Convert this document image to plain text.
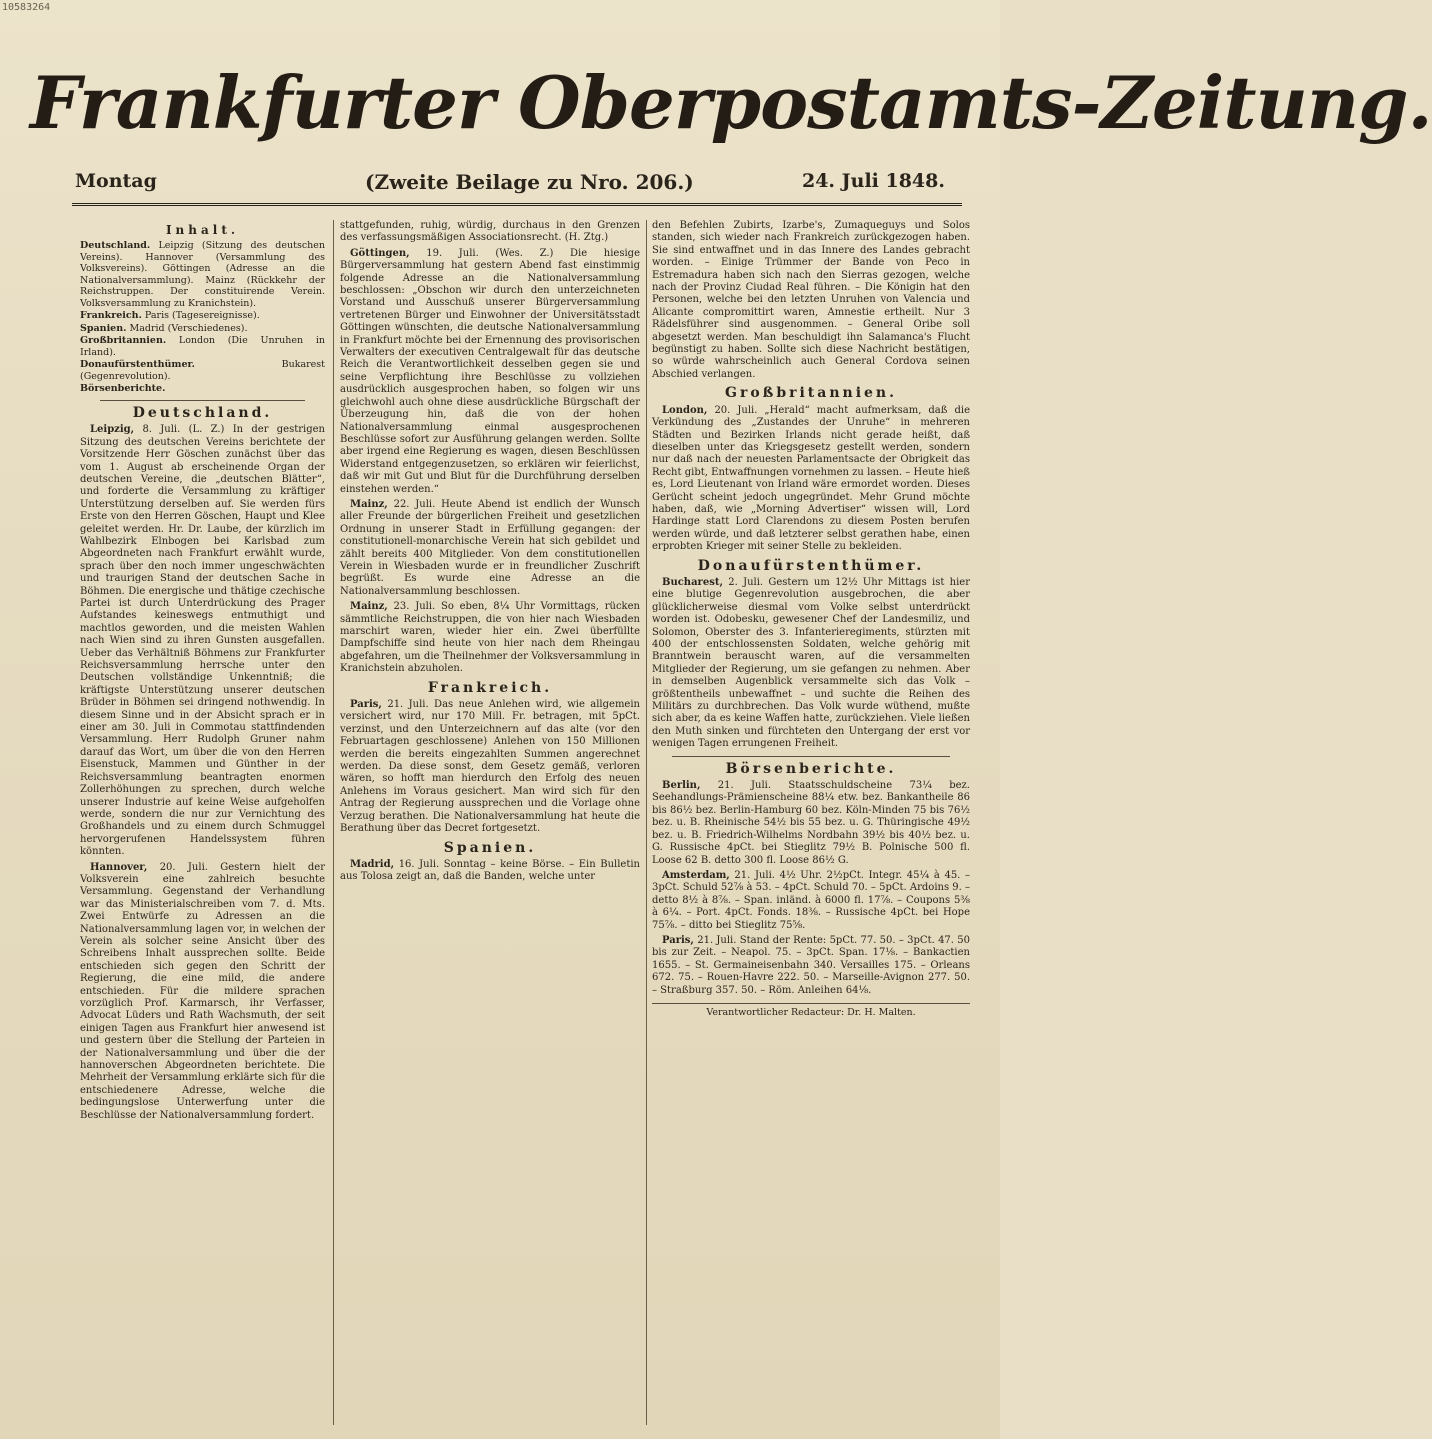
10583264
Frankfurter Oberpostamts-Zeitung.
Montag	(Zweite Beilage zu Nro. 206.)	24. Juli 1848.
Inhalt.
Deutschland. Leipzig (Sitzung des deutschen Vereins). Hannover (Versammlung des Volksvereins). Göttingen (Adresse an die Nationalversammlung). Mainz (Rückkehr der Reichstruppen. Der constituirende Verein. Volksversammlung zu Kranichstein).
Frankreich. Paris (Tagesereignisse).
Spanien. Madrid (Verschiedenes).
Großbritannien. London (Die Unruhen in Irland).
Donaufürstenthümer.	Bukarest (Gegenrevolution).
Börsenberichte.
Deutschland.

Leipzig, 8. Juli. (L. Z.) In der gestrigen Sitzung des deutschen Vereins berichtete der Vorsitzende Herr Göschen zunächst über das vom 1. August ab erscheinende Organ der deutschen Vereine, die „deutschen Blätter“, und forderte die Versammlung zu kräftiger Unterstützung derselben auf. Sie werden fürs Erste von den Herren Göschen, Haupt und Klee geleitet werden. Hr. Dr. Laube, der kürzlich im Wahlbezirk Elnbogen bei Karlsbad zum Abgeordneten nach Frankfurt erwählt wurde, sprach über den noch immer ungeschwächten und traurigen Stand der deutschen Sache in Böhmen. Die energische und thätige czechische Partei ist durch Unterdrückung des Prager Aufstandes keineswegs entmuthigt und machtlos geworden, und die meisten Wahlen nach Wien sind zu ihren Gunsten ausgefallen. Ueber das Verhältniß Böhmens zur Frankfurter Reichsversammlung herrsche unter den Deutschen vollständige Unkenntniß; die kräftigste Unterstützung unserer deutschen Brüder in Böhmen sei dringend nothwendig. In diesem Sinne und in der Absicht sprach er in einer am 30. Juli in Commotau stattfindenden Versammlung. Herr Rudolph Gruner nahm darauf das Wort, um über die von den Herren Eisenstuck, Mammen und Günther in der Reichsversammlung beantragten enormen Zollerhöhungen zu sprechen, durch welche unserer Industrie auf keine Weise aufgeholfen werde, sondern die nur zur Vernichtung des Großhandels und zu einem durch Schmuggel hervorgerufenen Handelssystem führen könnten.

Hannover, 20. Juli. Gestern hielt der Volksverein eine zahlreich besuchte Versammlung. Gegenstand der Verhandlung war das Ministerialschreiben vom 7. d. Mts. Zwei Entwürfe zu Adressen an die Nationalversammlung lagen vor, in welchen der Verein als solcher seine Ansicht über des Schreibens Inhalt aussprechen sollte. Beide entschieden sich gegen den Schritt der Regierung, die eine mild, die andere entschieden. Für die mildere sprachen vorzüglich Prof. Karmarsch, ihr Verfasser, Advocat Lüders und Rath Wachsmuth, der seit einigen Tagen aus Frankfurt hier anwesend ist und gestern über die Stellung der Parteien in der Nationalversammlung und über die der hannoverschen Abgeordneten berichtete. Die Mehrheit der Versammlung erklärte sich für die entschiedenere Adresse, welche die bedingungslose Unterwerfung unter die Beschlüsse der Nationalversammlung fordert.

stattgefunden, ruhig, würdig, durchaus in den Grenzen des verfassungsmäßigen Associationsrecht. (H. Ztg.)

Göttingen, 19. Juli. (Wes. Z.) Die hiesige Bürgerversammlung hat gestern Abend fast einstimmig folgende Adresse an die Nationalversammlung beschlossen: „Obschon wir durch den unterzeichneten Vorstand und Ausschuß unserer Bürgerversammlung vertretenen Bürger und Einwohner der Universitätsstadt Göttingen wünschten, die deutsche Nationalversammlung in Frankfurt möchte bei der Ernennung des provisorischen Verwalters der executiven Centralgewalt für das deutsche Reich die Verantwortlichkeit desselben gegen sie und seine Verpflichtung ihre Beschlüsse zu vollziehen ausdrücklich ausgesprochen haben, so folgen wir uns gleichwohl auch ohne diese ausdrückliche Bürgschaft der Überzeugung hin, daß die von der hohen Nationalversammlung einmal ausgesprochenen Beschlüsse sofort zur Ausführung gelangen werden. Sollte aber irgend eine Regierung es wagen, diesen Beschlüssen Widerstand entgegenzusetzen, so erklären wir feierlichst, daß wir mit Gut und Blut für die Durchführung derselben einstehen werden.“

Mainz, 22. Juli. Heute Abend ist endlich der Wunsch aller Freunde der bürgerlichen Freiheit und gesetzlichen Ordnung in unserer Stadt in Erfüllung gegangen: der constitutionell-monarchische Verein hat sich gebildet und zählt bereits 400 Mitglieder. Von dem constitutionellen Verein in Wiesbaden wurde er in freundlicher Zuschrift begrüßt. Es wurde eine Adresse an die Nationalversammlung beschlossen.

Mainz, 23. Juli. So eben, 8¼ Uhr Vormittags, rücken sämmtliche Reichstruppen, die von hier nach Wiesbaden marschirt waren, wieder hier ein. Zwei überfüllte Dampfschiffe sind heute von hier nach dem Rheingau abgefahren, um die Theilnehmer der Volksversammlung in Kranichstein abzuholen.

Frankreich.

Paris, 21. Juli. Das neue Anlehen wird, wie allgemein versichert wird, nur 170 Mill. Fr. betragen, mit 5pCt. verzinst, und den Unterzeichnern auf das alte (vor den Februartagen geschlossene) Anlehen von 150 Millionen werden die bereits eingezahlten Summen angerechnet werden. Da diese sonst, dem Gesetz gemäß, verloren wären, so hofft man hierdurch den Erfolg des neuen Anlehens im Voraus gesichert. Man wird sich für den Antrag der Regierung aussprechen und die Vorlage ohne Verzug berathen. Die Nationalversammlung hat heute die Berathung über das Decret fortgesetzt.

Spanien.

Madrid, 16. Juli. Sonntag – keine Börse. – Ein Bulletin aus Tolosa zeigt an, daß die Banden, welche unter

den Befehlen Zubirts, Izarbe's, Zumaqueguys und Solos standen, sich wieder nach Frankreich zurückgezogen haben. Sie sind entwaffnet und in das Innere des Landes gebracht worden. – Einige Trümmer der Bande von Peco in Estremadura haben sich nach den Sierras gezogen, welche nach der Provinz Ciudad Real führen. – Die Königin hat den Personen, welche bei den letzten Unruhen von Valencia und Alicante compromittirt waren, Amnestie ertheilt. Nur 3 Rädelsführer sind ausgenommen. – General Oribe soll abgesetzt werden. Man beschuldigt ihn Salamanca's Flucht begünstigt zu haben. Sollte sich diese Nachricht bestätigen, so würde wahrscheinlich auch General Cordova seinen Abschied verlangen.

Großbritannien.

London, 20. Juli. „Herald“ macht aufmerksam, daß die Verkündung des „Zustandes der Unruhe“ in mehreren Städten und Bezirken Irlands nicht gerade heißt, daß dieselben unter das Kriegsgesetz gestellt werden, sondern nur daß nach der neuesten Parlamentsacte der Obrigkeit das Recht gibt, Entwaffnungen vornehmen zu lassen. – Heute hieß es, Lord Lieutenant von Irland wäre ermordet worden. Dieses Gerücht scheint jedoch ungegründet. Mehr Grund möchte haben, daß, wie „Morning Advertiser“ wissen will, Lord Hardinge statt Lord Clarendons zu diesem Posten berufen werden würde, und daß letzterer selbst gerathen habe, einen erprobten Krieger mit seiner Stelle zu bekleiden.

Donaufürstenthümer.

Bucharest, 2. Juli. Gestern um 12½ Uhr Mittags ist hier eine blutige Gegenrevolution ausgebrochen, die aber glücklicherweise diesmal vom Volke selbst unterdrückt worden ist. Odobesku, gewesener Chef der Landesmiliz, und Solomon, Oberster des 3. Infanterieregiments, stürzten mit 400 der entschlossensten Soldaten, welche gehörig mit Branntwein berauscht waren, auf die versammelten Mitglieder der Regierung, um sie gefangen zu nehmen. Aber in demselben Augenblick versammelte sich das Volk – größtentheils unbewaffnet – und suchte die Reihen des Militärs zu durchbrechen. Das Volk wurde wüthend, mußte sich aber, da es keine Waffen hatte, zurückziehen. Viele ließen den Muth sinken und fürchteten den Untergang der erst vor wenigen Tagen errungenen Freiheit.

Börsenberichte.

Berlin, 21. Juli. Staatsschuldscheine 73¼ bez. Seehandlungs-Prämienscheine 88¼ etw. bez. Bankantheile 86 bis 86½ bez. Berlin-Hamburg 60 bez. Köln-Minden 75 bis 76½ bez. u. B. Rheinische 54½ bis 55 bez. u. G. Thüringische 49½ bez. u. B. Friedrich-Wilhelms Nordbahn 39½ bis 40½ bez. u. G. Russische 4pCt. bei Stieglitz 79½ B. Polnische 500 fl. Loose 62 B. detto 300 fl. Loose 86½ G.

Amsterdam, 21. Juli. 4½ Uhr. 2½pCt. Integr. 45¼ à 45. – 3pCt. Schuld 52⅞ à 53. – 4pCt. Schuld 70. – 5pCt. Ardoins 9. – detto 8½ à 8⅞. – Span. inländ. à 6000 fl. 17⅞. – Coupons 5⅜ à 6¼. – Port. 4pCt. Fonds. 18⅜. – Russische 4pCt. bei Hope 75⅞. – ditto bei Stieglitz 75⅝.

Paris, 21. Juli. Stand der Rente: 5pCt. 77. 50. – 3pCt. 47. 50 bis zur Zeit. – Neapol. 75. – 3pCt. Span. 17⅛. – Bankactien 1655. – St. Germaineisenbahn 340. Versailles 175. – Orleans 672. 75. – Rouen-Havre 222. 50. – Marseille-Avignon 277. 50. – Straßburg 357. 50. – Röm. Anleihen 64⅛.

Verantwortlicher Redacteur: Dr. H. Malten.
